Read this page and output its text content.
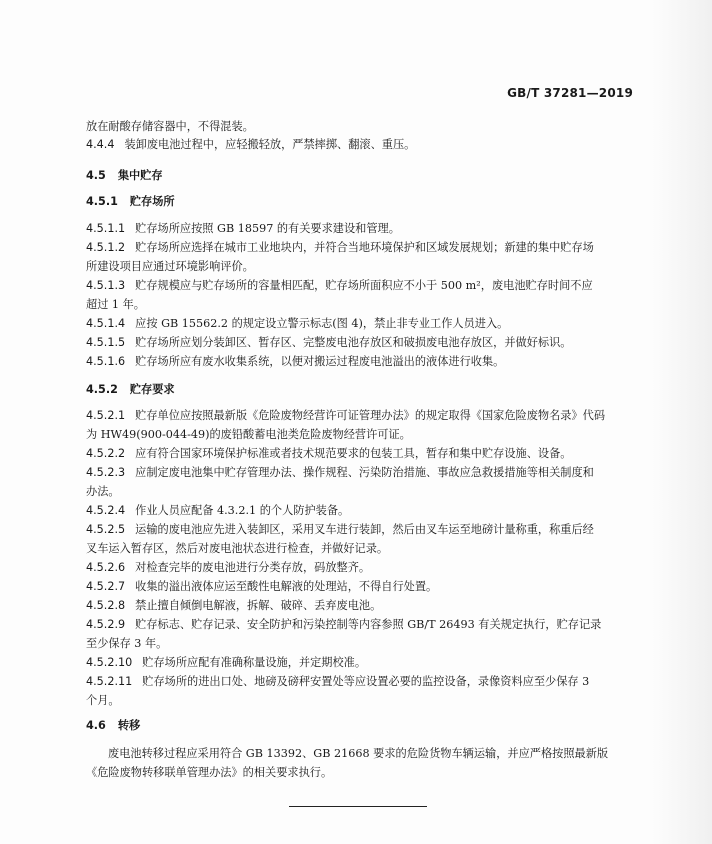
GB/T 37281—2019
放在耐酸存储容器中，不得混装。
4.4.4 装卸废电池过程中，应轻搬轻放，严禁摔掷、翻滚、重压。
4.5 集中贮存
4.5.1 贮存场所
4.5.1.1 贮存场所应按照 GB 18597 的有关要求建设和管理。
4.5.1.2 贮存场所应选择在城市工业地块内，并符合当地环境保护和区域发展规划；新建的集中贮存场
所建设项目应通过环境影响评价。
4.5.1.3 贮存规模应与贮存场所的容量相匹配，贮存场所面积应不小于 500 m²，废电池贮存时间不应
超过 1 年。
4.5.1.4 应按 GB 15562.2 的规定设立警示标志(图 4)，禁止非专业工作人员进入。
4.5.1.5 贮存场所应划分装卸区、暂存区、完整废电池存放区和破损废电池存放区，并做好标识。
4.5.1.6 贮存场所应有废水收集系统，以便对搬运过程废电池溢出的液体进行收集。
4.5.2 贮存要求
4.5.2.1 贮存单位应按照最新版《危险废物经营许可证管理办法》的规定取得《国家危险废物名录》代码
为 HW49(900-044-49)的废铅酸蓄电池类危险废物经营许可证。
4.5.2.2 应有符合国家环境保护标准或者技术规范要求的包装工具，暂存和集中贮存设施、设备。
4.5.2.3 应制定废电池集中贮存管理办法、操作规程、污染防治措施、事故应急救援措施等相关制度和
办法。
4.5.2.4 作业人员应配备 4.3.2.1 的个人防护装备。
4.5.2.5 运输的废电池应先进入装卸区，采用叉车进行装卸，然后由叉车运至地磅计量称重，称重后经
叉车运入暂存区，然后对废电池状态进行检查，并做好记录。
4.5.2.6 对检查完毕的废电池进行分类存放，码放整齐。
4.5.2.7 收集的溢出液体应运至酸性电解液的处理站，不得自行处置。
4.5.2.8 禁止擅自倾倒电解液，拆解、破碎、丢弃废电池。
4.5.2.9 贮存标志、贮存记录、安全防护和污染控制等内容参照 GB/T 26493 有关规定执行，贮存记录
至少保存 3 年。
4.5.2.10 贮存场所应配有准确称量设施，并定期校准。
4.5.2.11 贮存场所的进出口处、地磅及磅秤安置处等应设置必要的监控设备，录像资料应至少保存 3
个月。
4.6 转移
废电池转移过程应采用符合 GB 13392、GB 21668 要求的危险货物车辆运输，并应严格按照最新版
《危险废物转移联单管理办法》的相关要求执行。
